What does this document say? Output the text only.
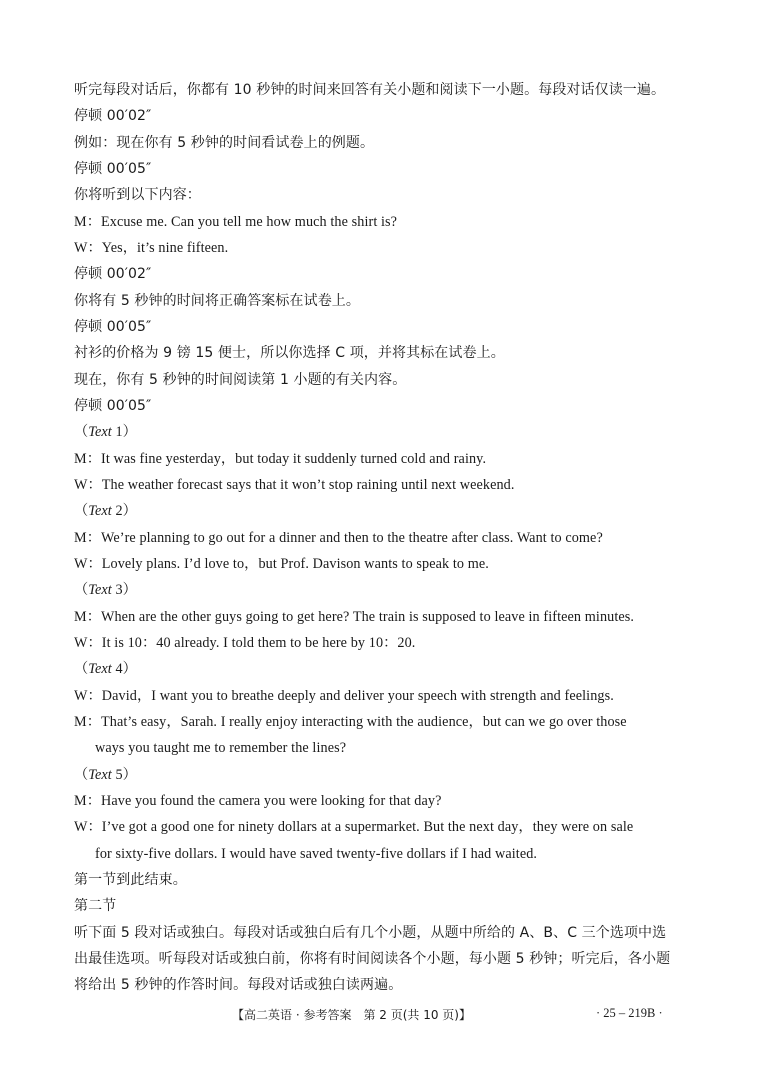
听完每段对话后，你都有 10 秒钟的时间来回答有关小题和阅读下一小题。每段对话仅读一遍。
停顿 00′02″
例如：现在你有 5 秒钟的时间看试卷上的例题。
停顿 00′05″
你将听到以下内容：
M：Excuse me. Can you tell me how much the shirt is?
W：Yes，it’s nine fifteen.
停顿 00′02″
你将有 5 秒钟的时间将正确答案标在试卷上。
停顿 00′05″
衬衫的价格为 9 镑 15 便士，所以你选择 C 项，并将其标在试卷上。
现在，你有 5 秒钟的时间阅读第 1 小题的有关内容。
停顿 00′05″
（Text 1）
M：It was fine yesterday，but today it suddenly turned cold and rainy.
W：The weather forecast says that it won’t stop raining until next weekend.
（Text 2）
M：We’re planning to go out for a dinner and then to the theatre after class. Want to come?
W：Lovely plans. I’d love to，but Prof. Davison wants to speak to me.
（Text 3）
M：When are the other guys going to get here? The train is supposed to leave in fifteen minutes.
W：It is 10：40 already. I told them to be here by 10：20.
（Text 4）
W：David，I want you to breathe deeply and deliver your speech with strength and feelings.
M：That’s easy，Sarah. I really enjoy interacting with the audience，but can we go over those
ways you taught me to remember the lines?
（Text 5）
M：Have you found the camera you were looking for that day?
W：I’ve got a good one for ninety dollars at a supermarket. But the next day，they were on sale
for sixty-five dollars. I would have saved twenty-five dollars if I had waited.
第一节到此结束。
第二节
听下面 5 段对话或独白。每段对话或独白后有几个小题，从题中所给的 A、B、C 三个选项中选
出最佳选项。听每段对话或独白前，你将有时间阅读各个小题，每小题 5 秒钟；听完后，各小题
将给出 5 秒钟的作答时间。每段对话或独白读两遍。
【高二英语 · 参考答案　第 2 页(共 10 页)】	· 25 – 219B ·
